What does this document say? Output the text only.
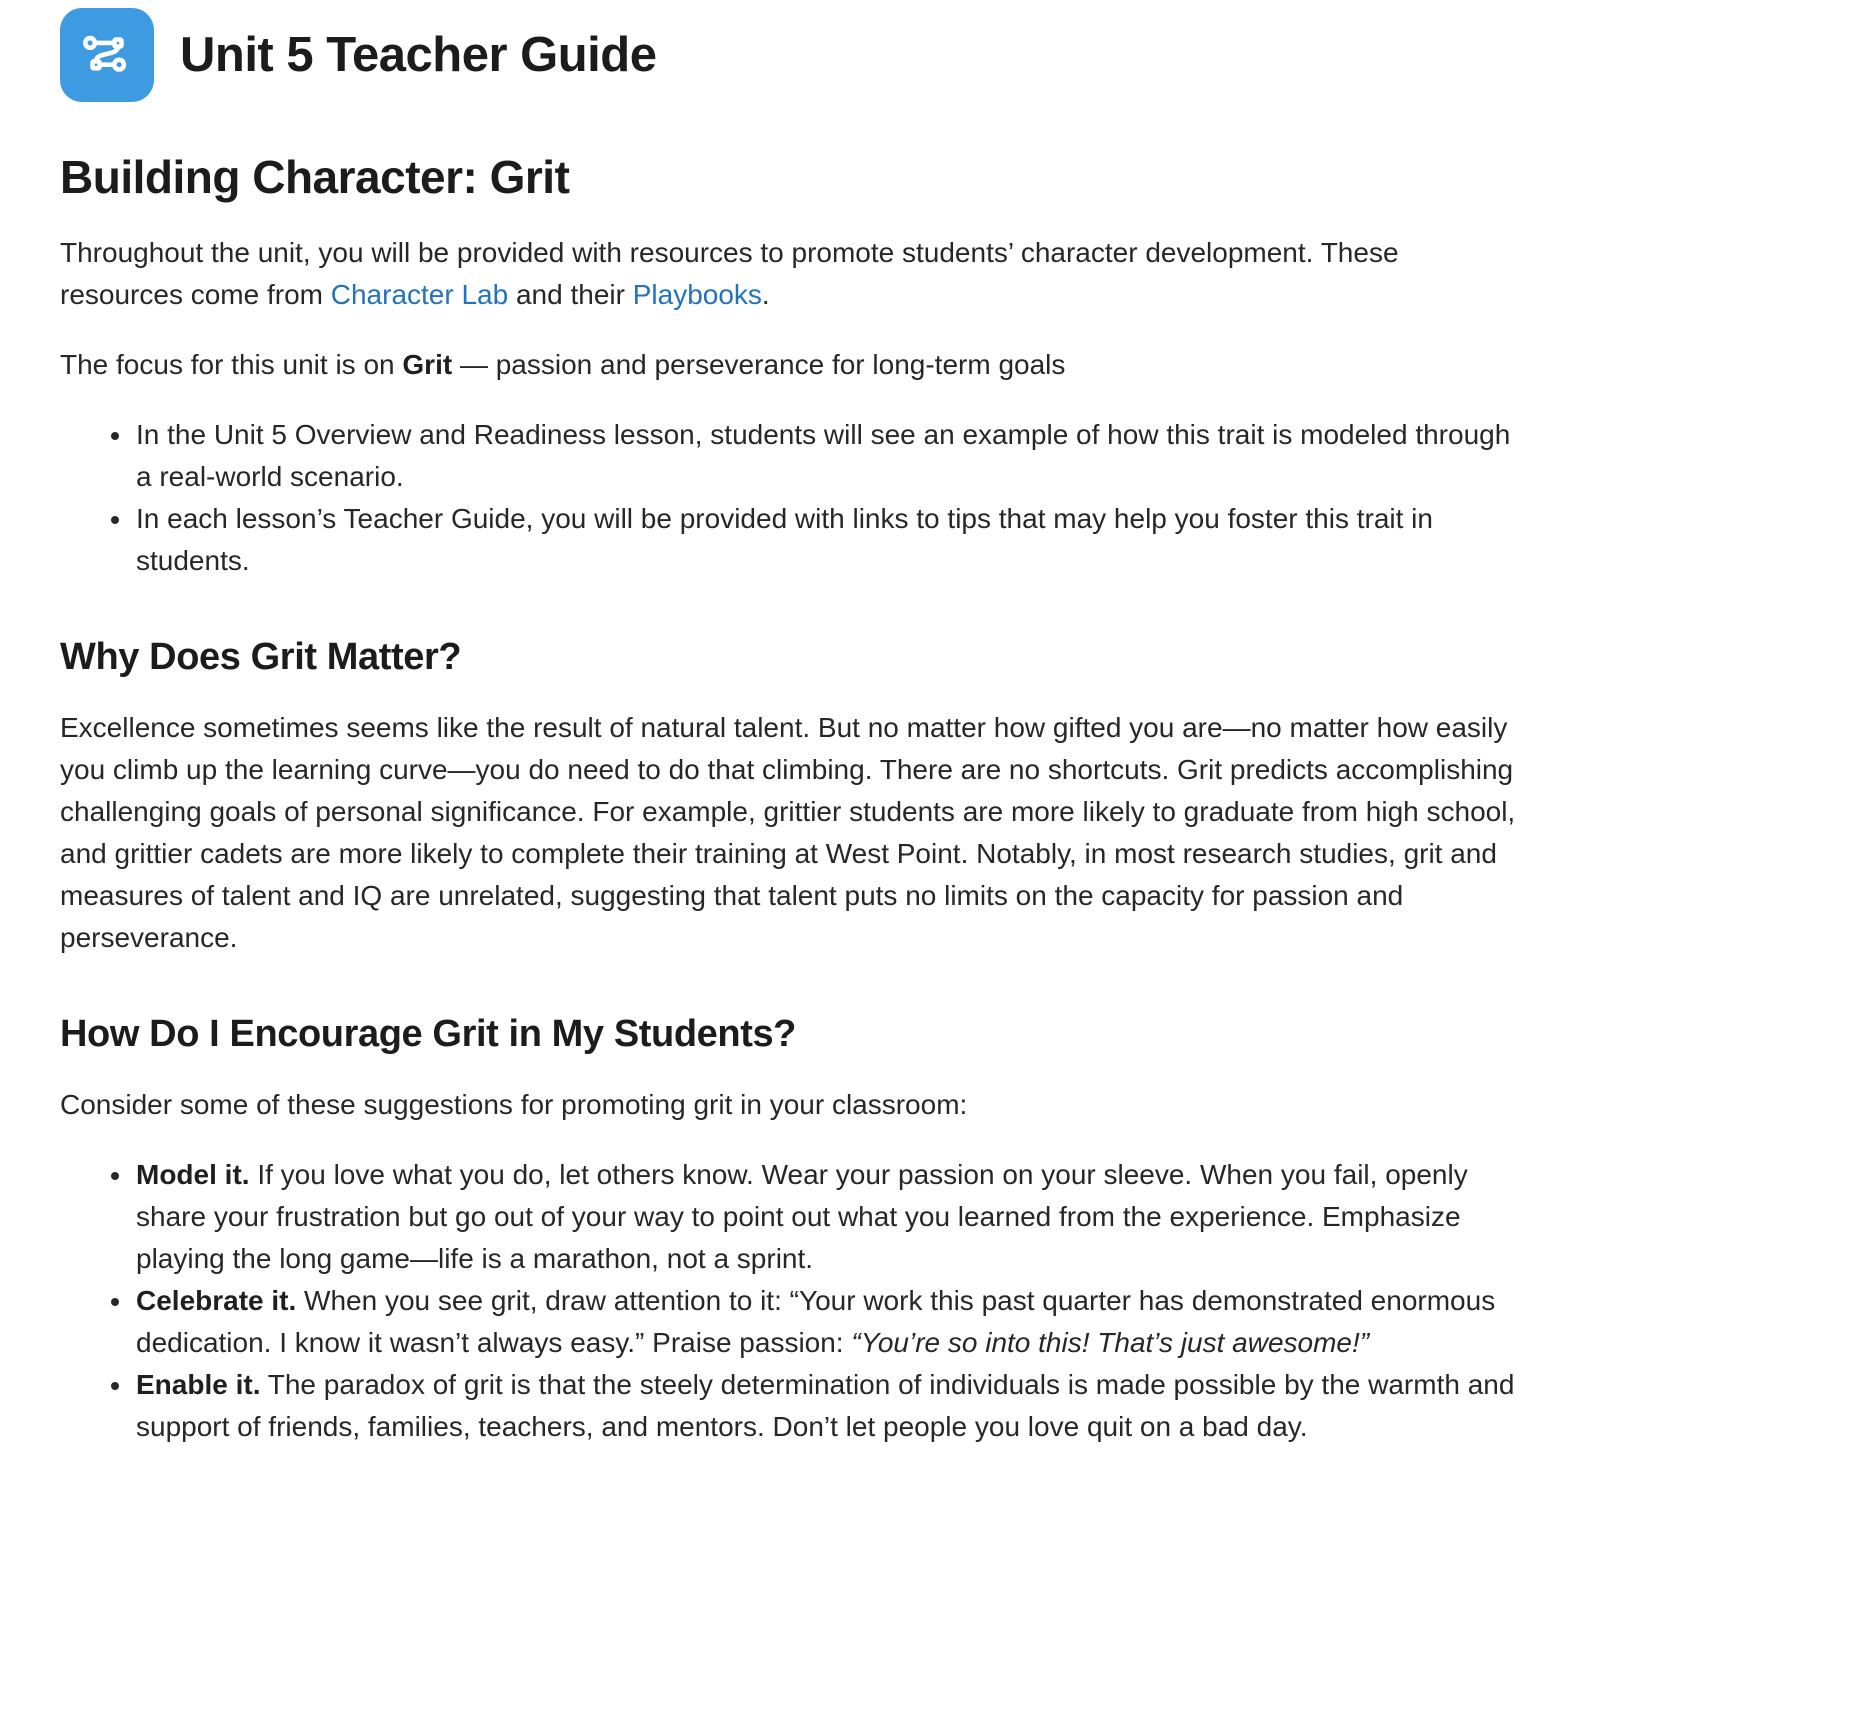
Unit 5 Teacher Guide
Building Character: Grit

Throughout the unit, you will be provided with resources to promote students’ character development. These resources come from Character Lab and their Playbooks.

The focus for this unit is on Grit — passion and perseverance for long-term goals

• In the Unit 5 Overview and Readiness lesson, students will see an example of how this trait is modeled through a real-world scenario.
• In each lesson’s Teacher Guide, you will be provided with links to tips that may help you foster this trait in students.
Why Does Grit Matter?

Excellence sometimes seems like the result of natural talent. But no matter how gifted you are—no matter how easily you climb up the learning curve—you do need to do that climbing. There are no shortcuts. Grit predicts accomplishing challenging goals of personal significance. For example, grittier students are more likely to graduate from high school, and grittier cadets are more likely to complete their training at West Point. Notably, in most research studies, grit and measures of talent and IQ are unrelated, suggesting that talent puts no limits on the capacity for passion and perseverance.

How Do I Encourage Grit in My Students?

Consider some of these suggestions for promoting grit in your classroom:

• Model it. If you love what you do, let others know. Wear your passion on your sleeve. When you fail, openly share your frustration but go out of your way to point out what you learned from the experience. Emphasize playing the long game—life is a marathon, not a sprint.
• Celebrate it. When you see grit, draw attention to it: “Your work this past quarter has demonstrated enormous dedication. I know it wasn’t always easy.” Praise passion: “You’re so into this! That’s just awesome!”
• Enable it. The paradox of grit is that the steely determination of individuals is made possible by the warmth and support of friends, families, teachers, and mentors. Don’t let people you love quit on a bad day.
